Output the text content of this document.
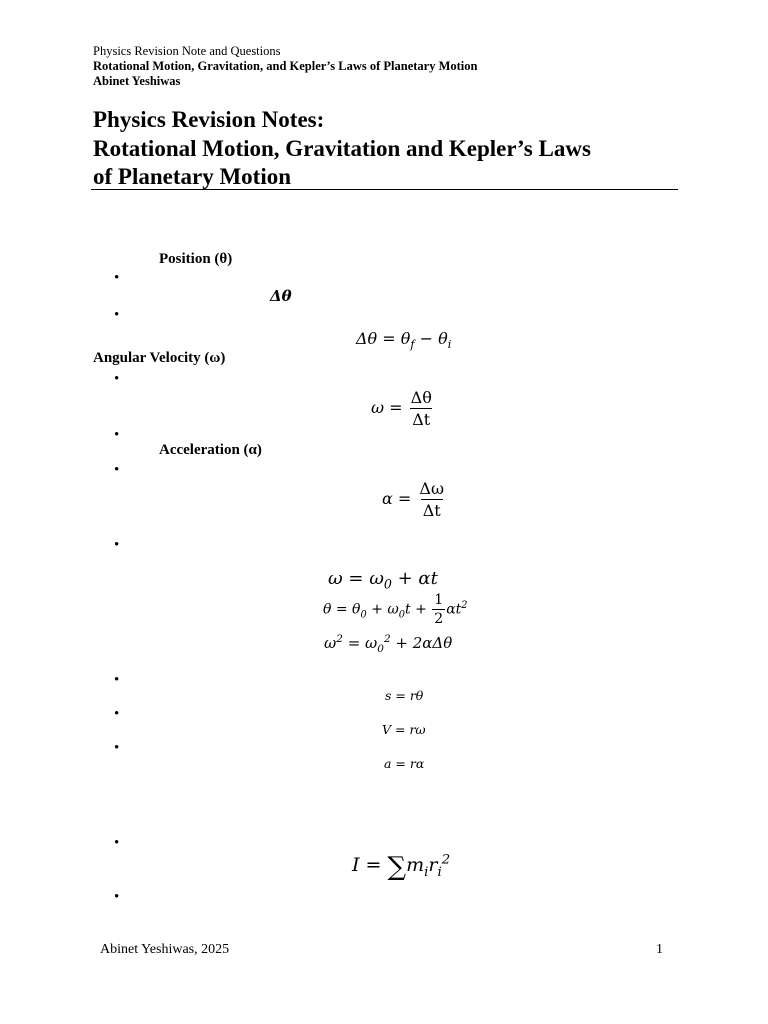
Physics Revision Note and Questions
Rotational Motion, Gravitation, and Kepler’s Laws of Planetary Motion
Abinet Yeshiwas
Physics Revision Notes:
Rotational Motion, Gravitation and Kepler’s Laws
of Planetary Motion
Position (θ)
•
Δθ
•
$\Delta\theta = \theta_f - \theta_i$
Angular Velocity (ω)
•
$\omega = \frac{\Delta\theta}{\Delta t}$
•
Acceleration (α)
•
$\alpha = \frac{\Delta\omega}{\Delta t}$
•
$\omega = \omega_0 + \alpha t$
$\theta = \theta_0 + \omega_0t + \frac{1}{2} \alpha t^2$
$\omega^2 = \omega_0^2 + 2\alpha\Delta\theta$
•
s = rθ
•
V = rω
•
a = rα
•
$I = \sum m_ir_i^2$
•
Abinet Yeshiwas, 2025	1
